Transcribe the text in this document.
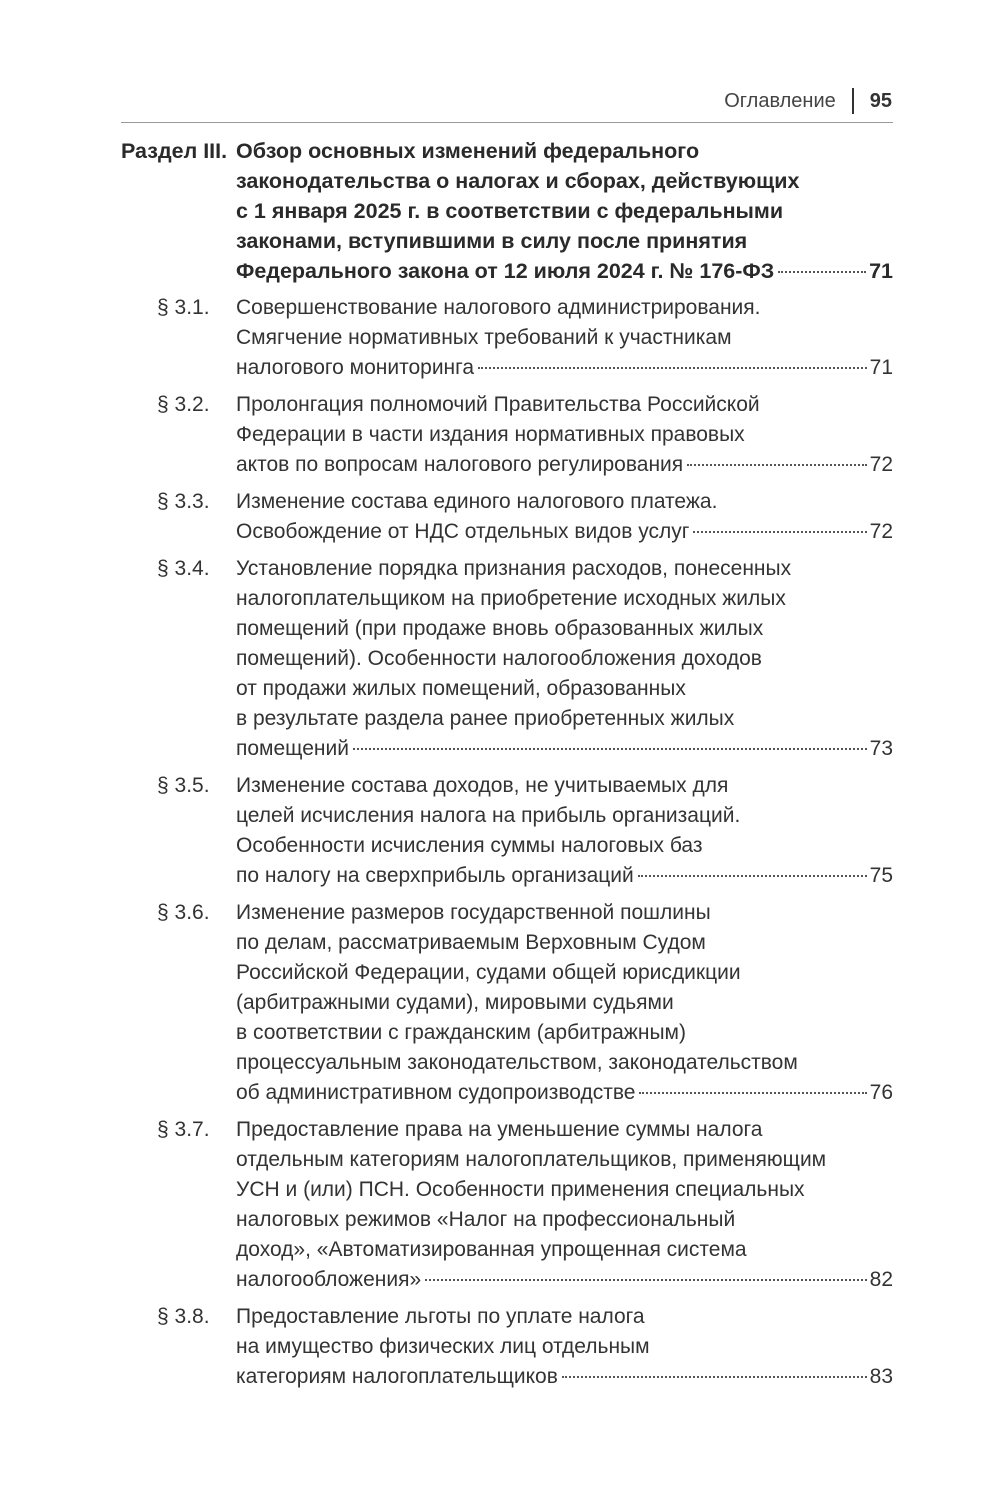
Оглавление 95
Раздел III. Обзор основных изменений федерального
законодательства о налогах и сборах, действующих
с 1 января 2025 г. в соответствии с федеральными
законами, вступившими в силу после принятия
Федерального закона от 12 июля 2024 г. № 176-ФЗ	71
§ 3.1.	Совершенствование налогового администрирования.
Смягчение нормативных требований к участникам
налогового мониторинга	71
§ 3.2.	Пролонгация полномочий Правительства Российской
Федерации в части издания нормативных правовых
актов по вопросам налогового регулирования	72
§ 3.3.	Изменение состава единого налогового платежа.
Освобождение от НДС отдельных видов услуг	72
§ 3.4.	Установление порядка признания расходов, понесенных
налогоплательщиком на приобретение исходных жилых
помещений (при продаже вновь образованных жилых
помещений). Особенности налогообложения доходов
от продажи жилых помещений, образованных
в результате раздела ранее приобретенных жилых
помещений	73
§ 3.5.	Изменение состава доходов, не учитываемых для
целей исчисления налога на прибыль организаций.
Особенности исчисления суммы налоговых баз
по налогу на сверхприбыль организаций	75
§ 3.6.	Изменение размеров государственной пошлины
по делам, рассматриваемым Верховным Судом
Российской Федерации, судами общей юрисдикции
(арбитражными судами), мировыми судьями
в соответствии с гражданским (арбитражным)
процессуальным законодательством, законодательством
об административном судопроизводстве	76
§ 3.7.	Предоставление права на уменьшение суммы налога
отдельным категориям налогоплательщиков, применяющим
УСН и (или) ПСН. Особенности применения специальных
налоговых режимов «Налог на профессиональный
доход», «Автоматизированная упрощенная система
налогообложения»	82
§ 3.8.	Предоставление льготы по уплате налога
на имущество физических лиц отдельным
категориям налогоплательщиков	83
